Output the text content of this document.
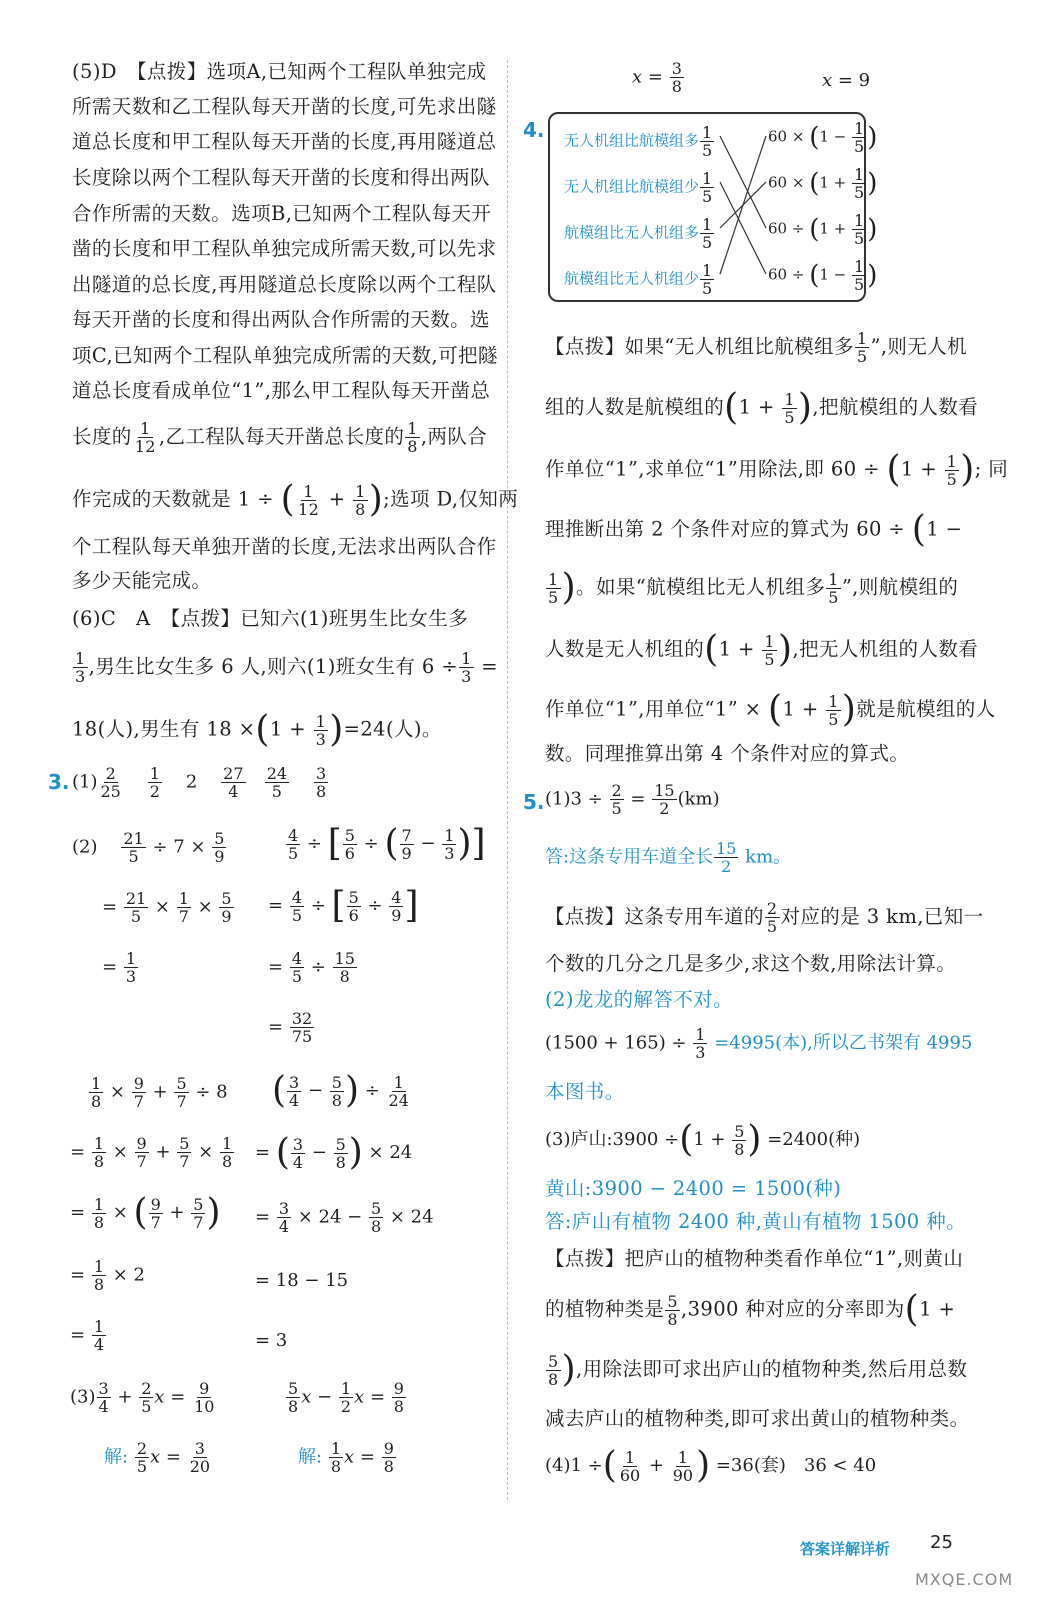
(5)D　【点拨】选项A,已知两个工程队单独完成
所需天数和乙工程队每天开凿的长度,可先求出隧
道总长度和甲工程队每天开凿的长度,再用隧道总
长度除以两个工程队每天开凿的长度和得出两队
合作所需的天数。选项B,已知两个工程队每天开
凿的长度和甲工程队单独完成所需天数,可以先求
出隧道的总长度,再用隧道总长度除以两个工程队
每天开凿的长度和得出两队合作所需的天数。选
项C,已知两个工程队单独完成所需的天数,可把隧
道总长度看成单位“1”,那么甲工程队每天开凿总
长度的 $\frac{1}{12}$ ,乙工程队每天开凿总长度的 $\frac{1}{8}$ ,两队合
作完成的天数就是 1 ÷ ( $\frac{1}{12} + \frac{1}{8}$ );选项 D,仅知两
个工程队每天单独开凿的长度,无法求出两队合作
多少天能完成。
(6)C　A　【点拨】已知六(1)班男生比女生多
$\frac{1}{3}$ ,男生比女生多 6 人,则六(1)班女生有 $6 \div \frac{1}{3}$ =
18(人),男生有 $18 \times(1 + \frac{1}{3} )=24$(人)。
3. $(1) \frac{2}{25}$
$\frac{1}{2} 2 \frac{27}{4}$
$\frac{24}{5}$
$\frac{3}{8}$
$(2) \frac{21}{5} \div 7 \times \frac{5}{9}$
= $\frac{21}{5} \times \frac{1}{7} \times \frac{5}{9}$
= $\frac{1}{3}$
$\frac{4}{5}$ ÷ [ $\frac{5}{6}$ ÷ ( $\frac{7}{9} - \frac{1}{3}$ )]
= $\frac{4}{5}$ ÷ [ $\frac{5}{6} \div \frac{4}{9}$ ]
= $\frac{4}{5} \div \frac{15}{8}$
= $\frac{32}{75}$
$\frac{1}{8} \times \frac{9}{7} + \frac{5}{7} \div 8$
= $\frac{1}{8} \times \frac{9}{7} + \frac{5}{7} \times \frac{1}{8}$
= $\frac{1}{8}$ × ( $\frac{9}{7} + \frac{5}{7}$ )
= $\frac{1}{8} \times 2$
= $\frac{1}{4}$
( $\frac{3}{4} - \frac{5}{8}$ ) ÷ $\frac{1}{24}$
= ( $\frac{3}{4} - \frac{5}{8}$ ) × 24
= $\frac{3}{4} \times 24 - \frac{5}{8} \times 24$
= 18 − 15
= 3
$(3) \frac{3}{4} + \frac{2}{5}$ $x = \frac{9}{10}$
解: $\frac{2}{5}$ $x = \frac{3}{20}$
$\frac{5}{8}$ $x - \frac{1}{2}$ $x = \frac{9}{8}$
解: $\frac{1}{8}$ $x = \frac{9}{8}$
$x = \frac{3}{8}$	x = 9
4. 无人机组比航模组多 $\frac{1}{5}$
无人机组比航模组少 $\frac{1}{5}$
航模组比无人机组多 $\frac{1}{5}$
航模组比无人机组少 $\frac{1}{5}$
$60 \times (1 - \frac{1}{5}$ )
$60 \times (1 + \frac{1}{5}$ )
$60 \div (1 + \frac{1}{5}$ )
$60 \div (1 - \frac{1}{5}$ )
【点拨】如果“无人机组比航模组多 $\frac{1}{5}$ ”,则无人机
组的人数是航模组的($1 + \frac{1}{5}$ ),把航模组的人数看
作单位“1”,求单位“1”用除法,即 $60 \div (1 + \frac{1}{5}$ ); 同
理推断出第 2 个条件对应的算式为 60 ÷ (1 −
$\frac{1}{5}$ )。如果“航模组比无人机组多 $\frac{1}{5}$ ”,则航模组的
人数是无人机组的($1 + \frac{1}{5}$ ),把无人机组的人数看
作单位“1”,用单位“1” × ($1 + \frac{1}{5}$ )就是航模组的人
数。同理推算出第 4 个条件对应的算式。
5. $(1)3 \div \frac{2}{5} = \frac{15}{2} (km)$
答:这条专用车道全长 $\frac{15}{2}$ km。
【点拨】这条专用车道的 $\frac{2}{5}$ 对应的是 3 km,已知一
个数的几分之几是多少,求这个数,用除法计算。
(2)龙龙的解答不对。
$(1500 + 165) \div \frac{1}{3} =4995$(本),所以乙书架有 4995
本图书。
(3)庐山:3900 $\div(1 + \frac{5}{8}$ ) =2400(种)
黄山:3900 − 2400 = 1500(种)
答:庐山有植物 2400 种,黄山有植物 1500 种。
【点拨】把庐山的植物种类看作单位“1”,则黄山
的植物种类是 $\frac{5}{8} ,3900$ 种对应的分率即为(1 +
$\frac{5}{8}$ ),用除法即可求出庐山的植物种类,然后用总数
减去庐山的植物种类,即可求出黄山的植物种类。
(4)1 ÷( $\frac{1}{60} + \frac{1}{90}$ ) =36(套)　36 < 40
答案详解详析 25
MXQE.COM
